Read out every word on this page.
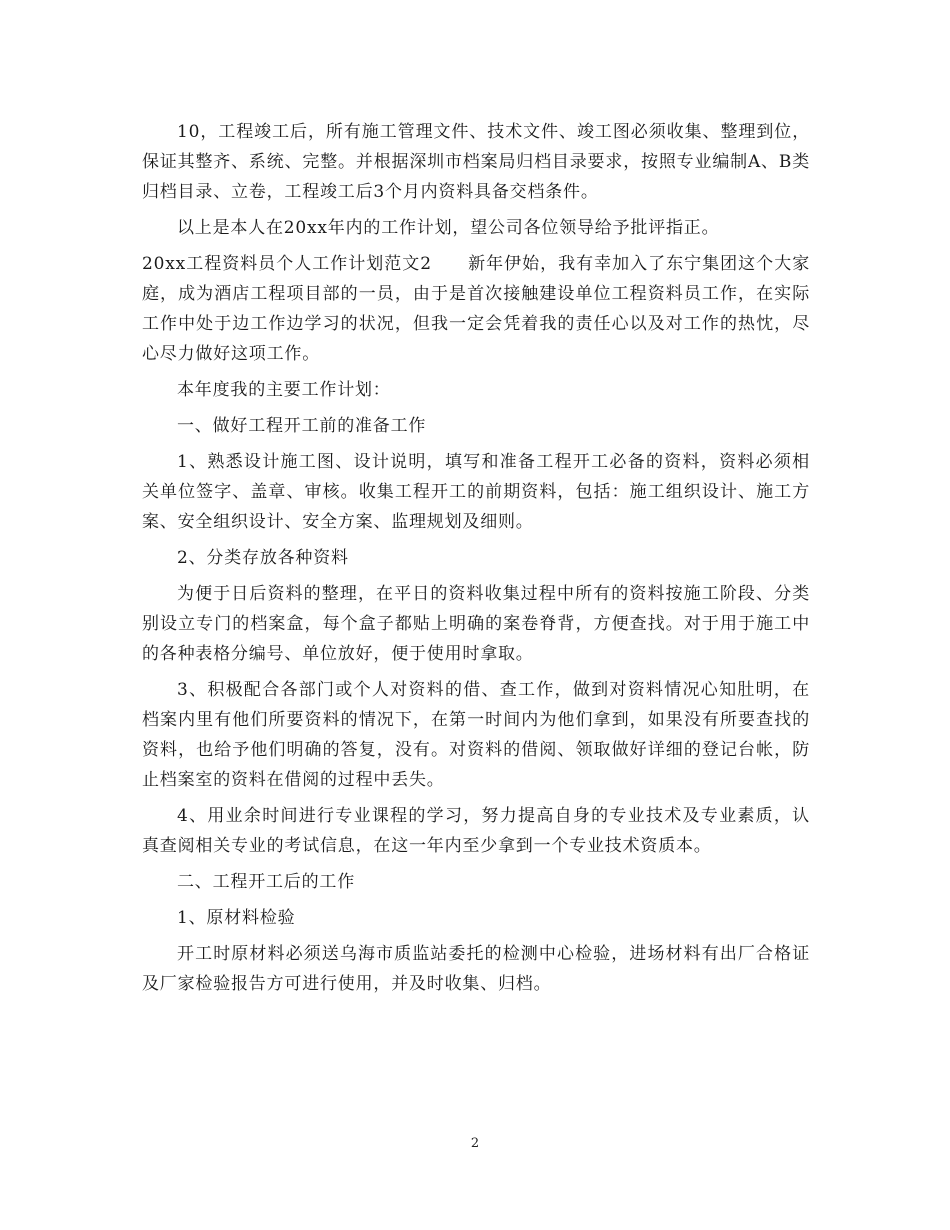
10，工程竣工后，所有施工管理文件、技术文件、竣工图必须收集、整理到位，保证其整齐、系统、完整。并根据深圳市档案局归档目录要求，按照专业编制A、B类归档目录、立卷，工程竣工后3个月内资料具备交档条件。

以上是本人在20xx年内的工作计划，望公司各位领导给予批评指正。

20xx工程资料员个人工作计划范文2　　新年伊始，我有幸加入了东宁集团这个大家庭，成为酒店工程项目部的一员，由于是首次接触建设单位工程资料员工作，在实际工作中处于边工作边学习的状况，但我一定会凭着我的责任心以及对工作的热忱，尽心尽力做好这项工作。

本年度我的主要工作计划：

一、做好工程开工前的准备工作

1、熟悉设计施工图、设计说明，填写和准备工程开工必备的资料，资料必须相关单位签字、盖章、审核。收集工程开工的前期资料，包括：施工组织设计、施工方案、安全组织设计、安全方案、监理规划及细则。

2、分类存放各种资料

为便于日后资料的整理，在平日的资料收集过程中所有的资料按施工阶段、分类别设立专门的档案盒，每个盒子都贴上明确的案卷脊背，方便查找。对于用于施工中的各种表格分编号、单位放好，便于使用时拿取。

3、积极配合各部门或个人对资料的借、查工作，做到对资料情况心知肚明，在档案内里有他们所要资料的情况下，在第一时间内为他们拿到，如果没有所要查找的资料，也给予他们明确的答复，没有。对资料的借阅、领取做好详细的登记台帐，防止档案室的资料在借阅的过程中丢失。

4、用业余时间进行专业课程的学习，努力提高自身的专业技术及专业素质，认真查阅相关专业的考试信息，在这一年内至少拿到一个专业技术资质本。

二、工程开工后的工作

1、原材料检验

开工时原材料必须送乌海市质监站委托的检测中心检验，进场材料有出厂合格证及厂家检验报告方可进行使用，并及时收集、归档。

2
